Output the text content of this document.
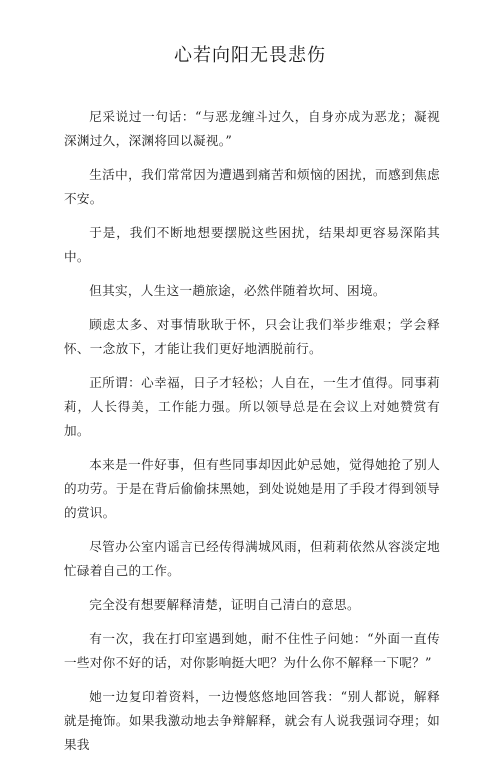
心若向阳无畏悲伤

尼采说过一句话：“与恶龙缠斗过久，自身亦成为恶龙；凝视深渊过久，深渊将回以凝视。”

生活中，我们常常因为遭遇到痛苦和烦恼的困扰，而感到焦虑不安。

于是，我们不断地想要摆脱这些困扰，结果却更容易深陷其中。

但其实，人生这一趟旅途，必然伴随着坎坷、困境。

顾虑太多、对事情耿耿于怀，只会让我们举步维艰；学会释怀、一念放下，才能让我们更好地洒脱前行。

正所谓：心幸福，日子才轻松；人自在，一生才值得。同事莉莉，人长得美，工作能力强。所以领导总是在会议上对她赞赏有加。

本来是一件好事，但有些同事却因此妒忌她，觉得她抢了别人的功劳。于是在背后偷偷抹黑她，到处说她是用了手段才得到领导的赏识。

尽管办公室内谣言已经传得满城风雨，但莉莉依然从容淡定地忙碌着自己的工作。

完全没有想要解释清楚，证明自己清白的意思。

有一次，我在打印室遇到她，耐不住性子问她：“外面一直传一些对你不好的话，对你影响挺大吧？为什么你不解释一下呢？”

她一边复印着资料，一边慢悠悠地回答我：“别人都说，解释就是掩饰。如果我激动地去争辩解释，就会有人说我强词夺理；如果我
